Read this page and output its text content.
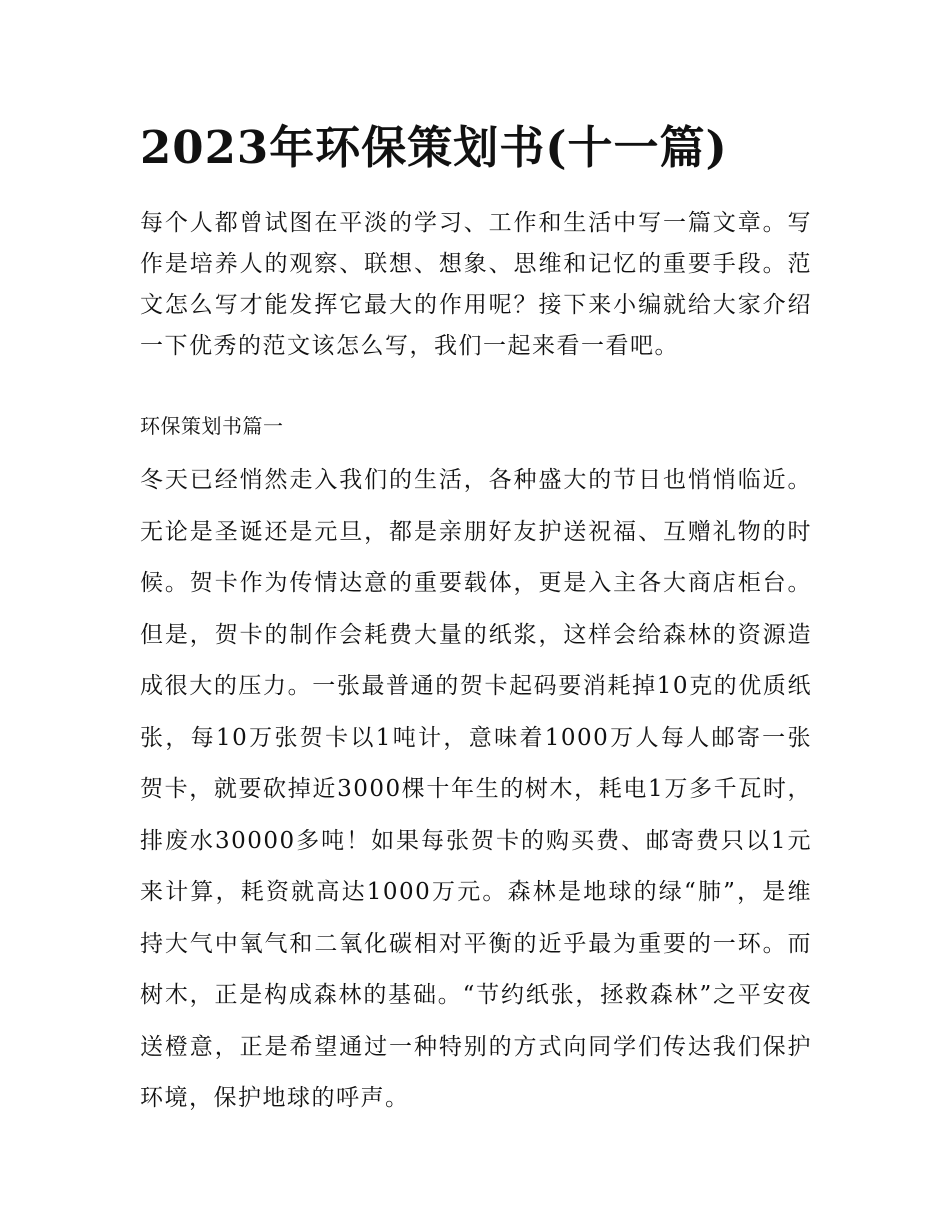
2023年环保策划书(十一篇)

每个人都曾试图在平淡的学习、工作和生活中写一篇文章。写作是培养人的观察、联想、想象、思维和记忆的重要手段。范文怎么写才能发挥它最大的作用呢？接下来小编就给大家介绍一下优秀的范文该怎么写，我们一起来看一看吧。

环保策划书篇一

冬天已经悄然走入我们的生活，各种盛大的节日也悄悄临近。无论是圣诞还是元旦，都是亲朋好友护送祝福、互赠礼物的时候。贺卡作为传情达意的重要载体，更是入主各大商店柜台。但是，贺卡的制作会耗费大量的纸浆，这样会给森林的资源造成很大的压力。一张最普通的贺卡起码要消耗掉10克的优质纸张，每10万张贺卡以1吨计，意味着1000万人每人邮寄一张贺卡，就要砍掉近3000棵十年生的树木，耗电1万多千瓦时，排废水30000多吨！如果每张贺卡的购买费、邮寄费只以1元来计算，耗资就高达1000万元。森林是地球的绿“肺”，是维持大气中氧气和二氧化碳相对平衡的近乎最为重要的一环。而树木，正是构成森林的基础。“节约纸张，拯救森林”之平安夜送橙意，正是希望通过一种特别的方式向同学们传达我们保护环境，保护地球的呼声。
